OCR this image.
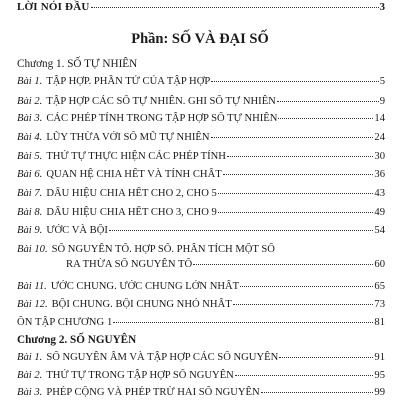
LỜI NÓI ĐẦU	3
Phần: SỐ VÀ ĐẠI SỐ
Chương 1. SỐ TỰ NHIÊN
Bài 1. TẬP HỢP. PHẦN TỬ CỦA TẬP HỢP	5
Bài 2. TẬP HỢP CÁC SỐ TỰ NHIÊN. GHI SỐ TỰ NHIÊN	9
Bài 3. CÁC PHÉP TÍNH TRONG TẬP HỢP SỐ TỰ NHIÊN	14
Bài 4. LŨY THỪA VỚI SỐ MŨ TỰ NHIÊN	24
Bài 5. THỨ TỰ THỰC HIỆN CÁC PHÉP TÍNH	30
Bài 6. QUAN HỆ CHIA HẾT VÀ TÍNH CHẤT	36
Bài 7. DẤU HIỆU CHIA HẾT CHO 2, CHO 5	43
Bài 8. DẤU HIỆU CHIA HẾT CHO 3, CHO 9	49
Bài 9. ƯỚC VÀ BỘI	54
Bài 10. SỐ NGUYÊN TỐ. HỢP SỐ. PHÂN TÍCH MỘT SỐ
RA THỪA SỐ NGUYÊN TỐ	60
Bài 11. ƯỚC CHUNG. ƯỚC CHUNG LỚN NHẤT	65
Bài 12. BỘI CHUNG. BỘI CHUNG NHỎ NHẤT	73
ÔN TẬP CHƯƠNG 1	81
Chương 2. SỐ NGUYÊN
Bài 1. SỐ NGUYÊN ÂM VÀ TẬP HỢP CÁC SỐ NGUYÊN	91
Bài 2. THỨ TỰ TRONG TẬP HỢP SỐ NGUYÊN	95
Bài 3. PHÉP CỘNG VÀ PHÉP TRỪ HAI SỐ NGUYÊN	99
